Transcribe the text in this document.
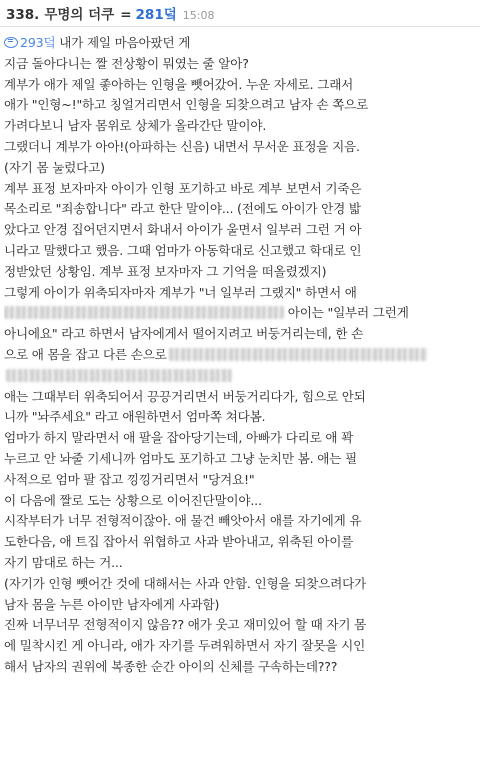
338. 무명의 더쿠 = 281덬 15:08
293덬 내가 제일 마음아팠던 게
지금 돌아다니는 짤 전상황이 뭐였는 줄 알아?
계부가 애가 제일 좋아하는 인형을 뺏어갔어. 누운 자세로. 그래서
애가 "인형~!"하고 칭얼거리면서 인형을 되찾으려고 남자 손 쪽으로
가려다보니 남자 몸위로 상체가 올라간단 말이야.
그랬더니 계부가 아아!(아파하는 신음) 내면서 무서운 표정을 지음.
(자기 몸 눌렀다고)
계부 표정 보자마자 아이가 인형 포기하고 바로 계부 보면서 기죽은
목소리로 "죄송합니다" 라고 한단 말이야... (전에도 아이가 안경 밟
았다고 안경 집어던지면서 화내서 아이가 울면서 일부러 그런 거 아
니라고 말했다고 했음. 그때 엄마가 아동학대로 신고했고 학대로 인
정받았던 상황임. 계부 표정 보자마자 그 기억을 떠올렸겠지)
그렇게 아이가 위축되자마자 계부가 "너 일부러 그랬지" 하면서 애
아이는 "일부러 그런게
아니에요" 라고 하면서 남자에게서 떨어지려고 버둥거리는데, 한 손
으로 애 몸을 잡고 다른 손으로
애는 그때부터 위축되어서 끙끙거리면서 버둥거리다가, 힘으로 안되
니까 "놔주세요" 라고 애원하면서 엄마쪽 쳐다봄.
엄마가 하지 말라면서 애 팔을 잡아당기는데, 아빠가 다리로 애 꽉
누르고 안 놔줄 기세니까 엄마도 포기하고 그냥 눈치만 봄. 애는 필
사적으로 엄마 팔 잡고 낑낑거리면서 "당겨요!"
이 다음에 짤로 도는 상황으로 이어진단말이야...
시작부터가 너무 전형적이잖아. 애 물건 빼앗아서 애를 자기에게 유
도한다음, 애 트집 잡아서 위협하고 사과 받아내고, 위축된 아이를
자기 맘대로 하는 거...
(자기가 인형 뺏어간 것에 대해서는 사과 안함. 인형을 되찾으려다가
남자 몸을 누른 아이만 남자에게 사과함)
진짜 너무너무 전형적이지 않음?? 애가 웃고 재미있어 할 때 자기 몸
에 밀착시킨 게 아니라, 애가 자기를 두려워하면서 자기 잘못을 시인
해서 남자의 권위에 복종한 순간 아이의 신체를 구속하는데???
